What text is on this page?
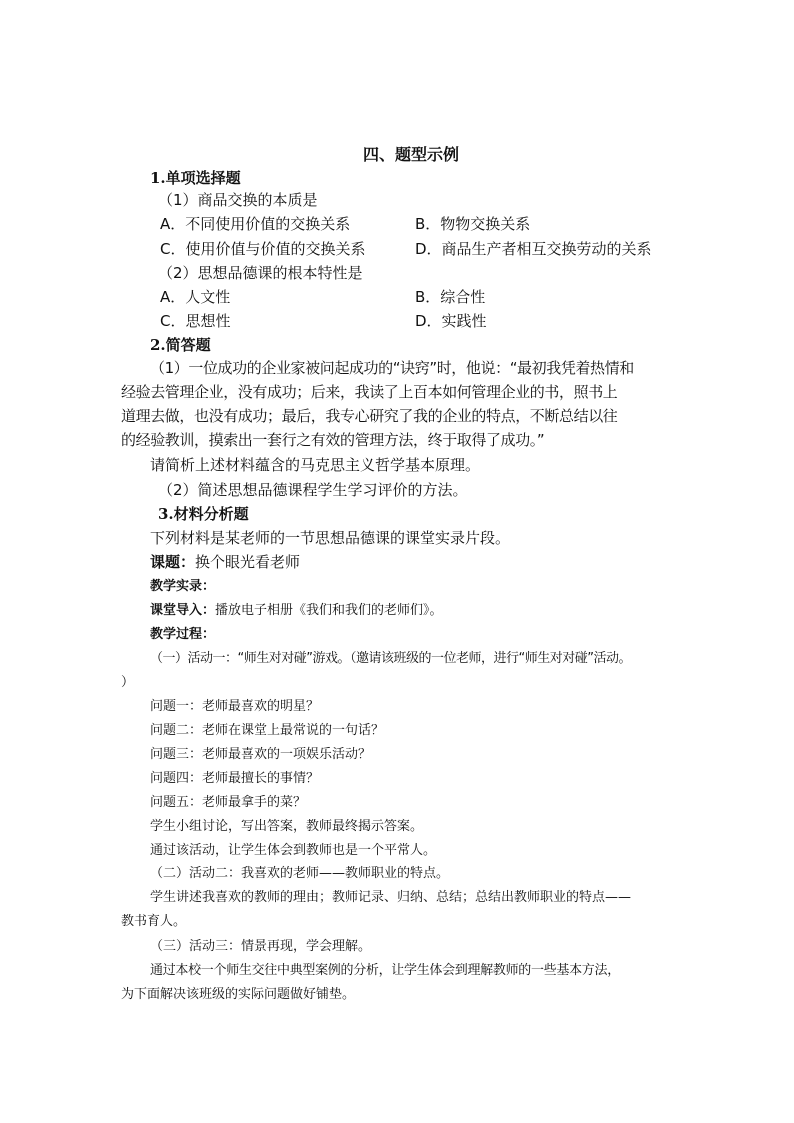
四、题型示例
1.单项选择题
（1）商品交换的本质是
A．不同使用价值的交换关系	B．物物交换关系
C．使用价值与价值的交换关系	D．商品生产者相互交换劳动的关系
（2）思想品德课的根本特性是
A．人文性	B．综合性
C．思想性	D．实践性
2.简答题
（1）一位成功的企业家被问起成功的“诀窍”时，他说：“最初我凭着热情和
经验去管理企业，没有成功；后来，我读了上百本如何管理企业的书，照书上
道理去做，也没有成功；最后，我专心研究了我的企业的特点，不断总结以往
的经验教训，摸索出一套行之有效的管理方法，终于取得了成功。”
请简析上述材料蕴含的马克思主义哲学基本原理。
（2）简述思想品德课程学生学习评价的方法。
3.材料分析题
下列材料是某老师的一节思想品德课的课堂实录片段。
课题：换个眼光看老师
教学实录：
课堂导入：播放电子相册《我们和我们的老师们》。
教学过程：
（一）活动一：“师生对对碰”游戏。（邀请该班级的一位老师，进行“师生对对碰”活动。
）
问题一：老师最喜欢的明星？
问题二：老师在课堂上最常说的一句话？
问题三：老师最喜欢的一项娱乐活动？
问题四：老师最擅长的事情？
问题五：老师最拿手的菜？
学生小组讨论，写出答案，教师最终揭示答案。
通过该活动，让学生体会到教师也是一个平常人。
（二）活动二：我喜欢的老师——教师职业的特点。
学生讲述我喜欢的教师的理由；教师记录、归纳、总结；总结出教师职业的特点——
教书育人。
（三）活动三：情景再现，学会理解。
通过本校一个师生交往中典型案例的分析，让学生体会到理解教师的一些基本方法，
为下面解决该班级的实际问题做好铺垫。
